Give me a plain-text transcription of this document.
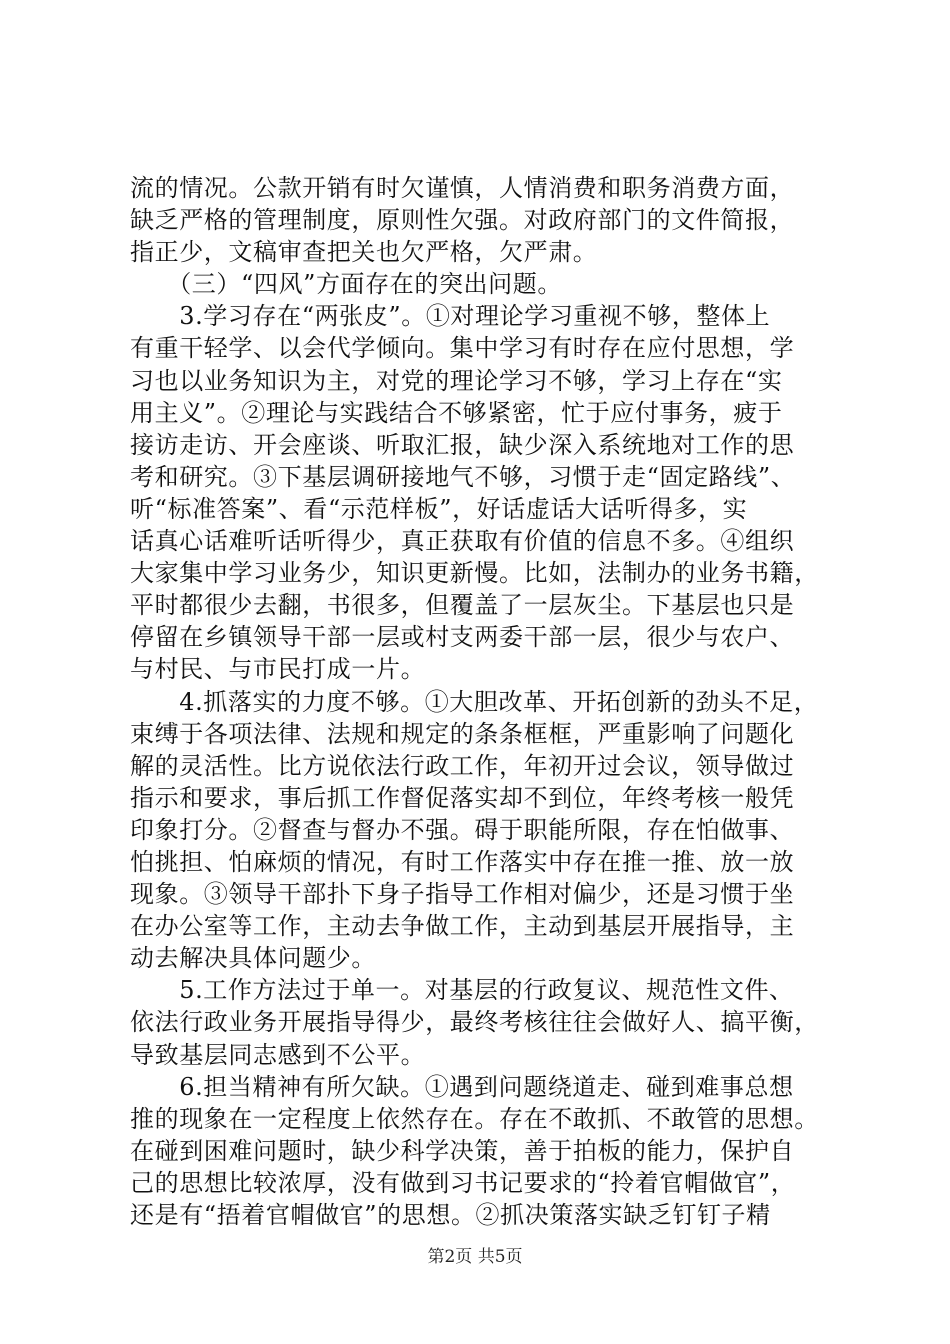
流的情况。公款开销有时欠谨慎，人情消费和职务消费方面，
缺乏严格的管理制度，原则性欠强。对政府部门的文件简报，
指正少，文稿审查把关也欠严格，欠严肃。
　　（三）“四风”方面存在的突出问题。
　　3.学习存在“两张皮”。①对理论学习重视不够，整体上
有重干轻学、以会代学倾向。集中学习有时存在应付思想，学
习也以业务知识为主，对党的理论学习不够，学习上存在“实
用主义”。②理论与实践结合不够紧密，忙于应付事务，疲于
接访走访、开会座谈、听取汇报，缺少深入系统地对工作的思
考和研究。③下基层调研接地气不够，习惯于走“固定路线”、
听“标准答案”、看“示范样板”，好话虚话大话听得多，实
话真心话难听话听得少，真正获取有价值的信息不多。④组织
大家集中学习业务少，知识更新慢。比如，法制办的业务书籍，
平时都很少去翻，书很多，但覆盖了一层灰尘。下基层也只是
停留在乡镇领导干部一层或村支两委干部一层，很少与农户、
与村民、与市民打成一片。
　　4.抓落实的力度不够。①大胆改革、开拓创新的劲头不足，
束缚于各项法律、法规和规定的条条框框，严重影响了问题化
解的灵活性。比方说依法行政工作，年初开过会议，领导做过
指示和要求，事后抓工作督促落实却不到位，年终考核一般凭
印象打分。②督查与督办不强。碍于职能所限，存在怕做事、
怕挑担、怕麻烦的情况，有时工作落实中存在推一推、放一放
现象。③领导干部扑下身子指导工作相对偏少，还是习惯于坐
在办公室等工作，主动去争做工作，主动到基层开展指导，主
动去解决具体问题少。
　　5.工作方法过于单一。对基层的行政复议、规范性文件、
依法行政业务开展指导得少，最终考核往往会做好人、搞平衡，
导致基层同志感到不公平。
　　6.担当精神有所欠缺。①遇到问题绕道走、碰到难事总想
推的现象在一定程度上依然存在。存在不敢抓、不敢管的思想。
在碰到困难问题时，缺少科学决策，善于拍板的能力，保护自
己的思想比较浓厚，没有做到习书记要求的“拎着官帽做官”，
还是有“捂着官帽做官”的思想。②抓决策落实缺乏钉钉子精
第2页 共5页
